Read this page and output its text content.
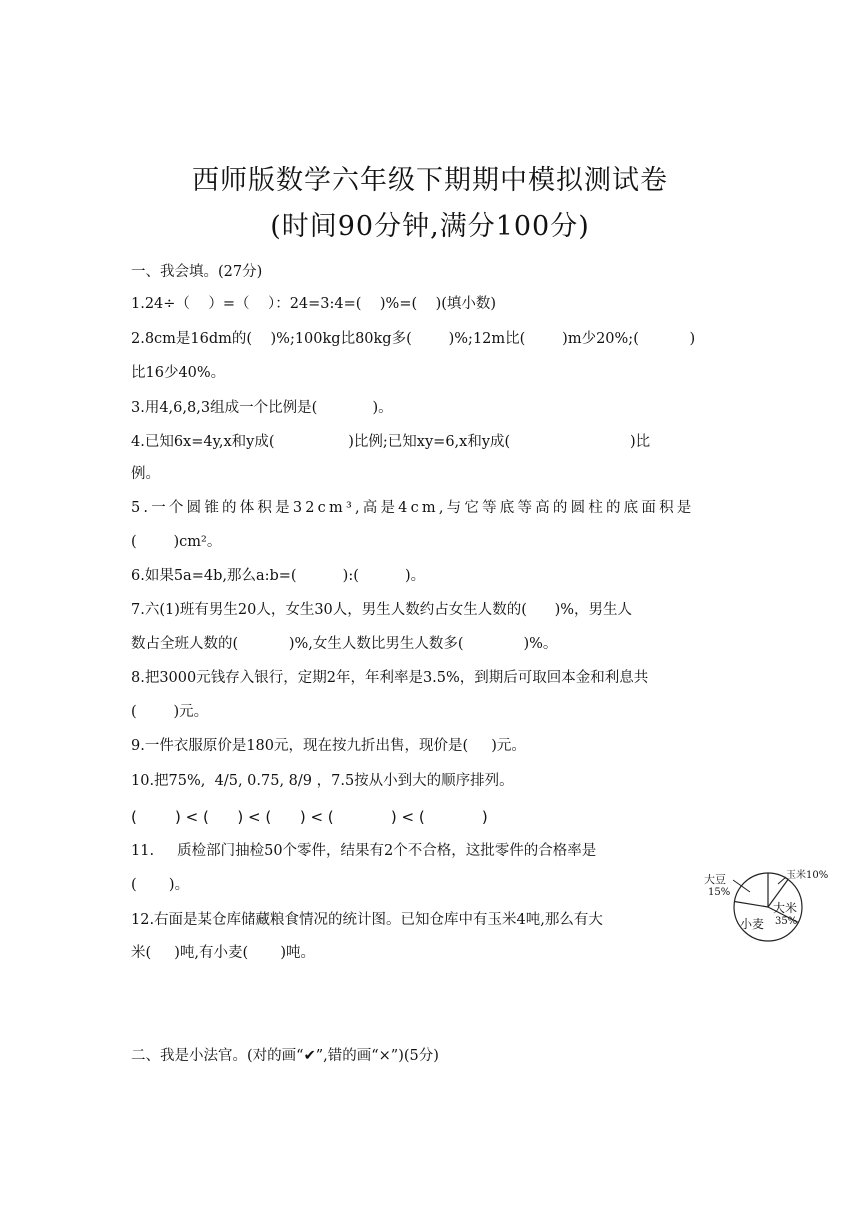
西师版数学六年级下期期中模拟测试卷
(时间90分钟,满分100分)
一、我会填。(27分)
1.24÷（    ）=（    ）：24=3:4=(    )%=(    )(填小数)
2.8cm是16dm的(    )%;100kg比80kg多(        )%;12m比(        )m少20%;(           )
比16少40%。
3.用4,6,8,3组成一个比例是(            )。
4.已知6x=4y,x和y成(                )比例;已知xy=6,x和y成(                          )比
例。
5.一个圆锥的体积是32cm³,高是4cm,与它等底等高的圆柱的底面积是
(        )cm²。
6.如果5a=4b,那么a:b=(          ):(          )。
7.六(1)班有男生20人，女生30人，男生人数约占女生人数的(      )%，男生人
数占全班人数的(           )%,女生人数比男生人数多(             )%。
8.把3000元钱存入银行，定期2年，年利率是3.5%，到期后可取回本金和利息共
(        )元。
9.一件衣服原价是180元，现在按九折出售，现价是(     )元。
10.把75%,  4/5, 0.75, 8/9 ，7.5按从小到大的顺序排列。
(        ) < (      ) < (      ) < (            ) < (            )
11.     质检部门抽检50个零件，结果有2个不合格，这批零件的合格率是
(       )。
12.右面是某仓库储藏粮食情况的统计图。已知仓库中有玉米4吨,那么有大
米(     )吨,有小麦(       )吨。
大豆
15%
玉米10%
大米
35%
小麦
二、我是小法官。(对的画“✔”,错的画“×”)(5分)
